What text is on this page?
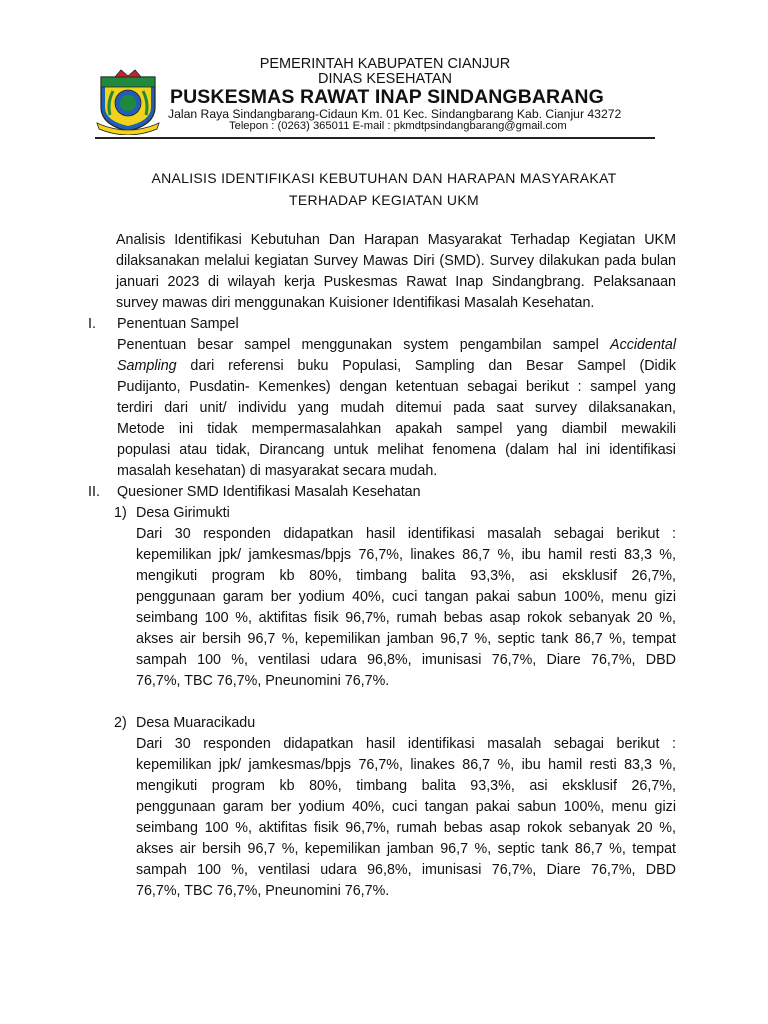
PEMERINTAH KABUPATEN CIANJUR
DINAS KESEHATAN
PUSKESMAS RAWAT INAP SINDANGBARANG
Jalan Raya Sindangbarang-Cidaun Km. 01 Kec. Sindangbarang Kab. Cianjur 43272
Telepon : (0263) 365011 E-mail : pkmdtpsindangbarang@gmail.com
ANALISIS IDENTIFIKASI KEBUTUHAN DAN HARAPAN MASYARAKAT
TERHADAP KEGIATAN UKM
Analisis Identifikasi Kebutuhan Dan Harapan Masyarakat Terhadap Kegiatan UKM
dilaksanakan melalui kegiatan Survey Mawas Diri (SMD). Survey dilakukan pada bulan
januari 2023 di wilayah kerja Puskesmas Rawat Inap Sindangbrang. Pelaksanaan
survey mawas diri menggunakan Kuisioner Identifikasi Masalah Kesehatan.
I. Penentuan Sampel
Penentuan besar sampel menggunakan system pengambilan sampel Accidental
Sampling dari referensi buku Populasi, Sampling dan Besar Sampel (Didik
Pudijanto, Pusdatin- Kemenkes) dengan ketentuan sebagai berikut : sampel yang
terdiri dari unit/ individu yang mudah ditemui pada saat survey dilaksanakan,
Metode ini tidak mempermasalahkan apakah sampel yang diambil mewakili
populasi atau tidak, Dirancang untuk melihat fenomena (dalam hal ini identifikasi
masalah kesehatan) di masyarakat secara mudah.
II. Quesioner SMD Identifikasi Masalah Kesehatan
1) Desa Girimukti
Dari 30 responden didapatkan hasil identifikasi masalah sebagai berikut :
kepemilikan jpk/ jamkesmas/bpjs 76,7%, linakes 86,7 %, ibu hamil resti 83,3 %,
mengikuti program kb 80%, timbang balita 93,3%, asi eksklusif 26,7%,
penggunaan garam ber yodium 40%, cuci tangan pakai sabun 100%, menu gizi
seimbang 100 %, aktifitas fisik 96,7%, rumah bebas asap rokok sebanyak 20 %,
akses air bersih 96,7 %, kepemilikan jamban 96,7 %, septic tank 86,7 %, tempat
sampah 100 %, ventilasi udara 96,8%, imunisasi 76,7%, Diare 76,7%, DBD
76,7%, TBC 76,7%, Pneunomini 76,7%.
2) Desa Muaracikadu
Dari 30 responden didapatkan hasil identifikasi masalah sebagai berikut :
kepemilikan jpk/ jamkesmas/bpjs 76,7%, linakes 86,7 %, ibu hamil resti 83,3 %,
mengikuti program kb 80%, timbang balita 93,3%, asi eksklusif 26,7%,
penggunaan garam ber yodium 40%, cuci tangan pakai sabun 100%, menu gizi
seimbang 100 %, aktifitas fisik 96,7%, rumah bebas asap rokok sebanyak 20 %,
akses air bersih 96,7 %, kepemilikan jamban 96,7 %, septic tank 86,7 %, tempat
sampah 100 %, ventilasi udara 96,8%, imunisasi 76,7%, Diare 76,7%, DBD
76,7%, TBC 76,7%, Pneunomini 76,7%.
